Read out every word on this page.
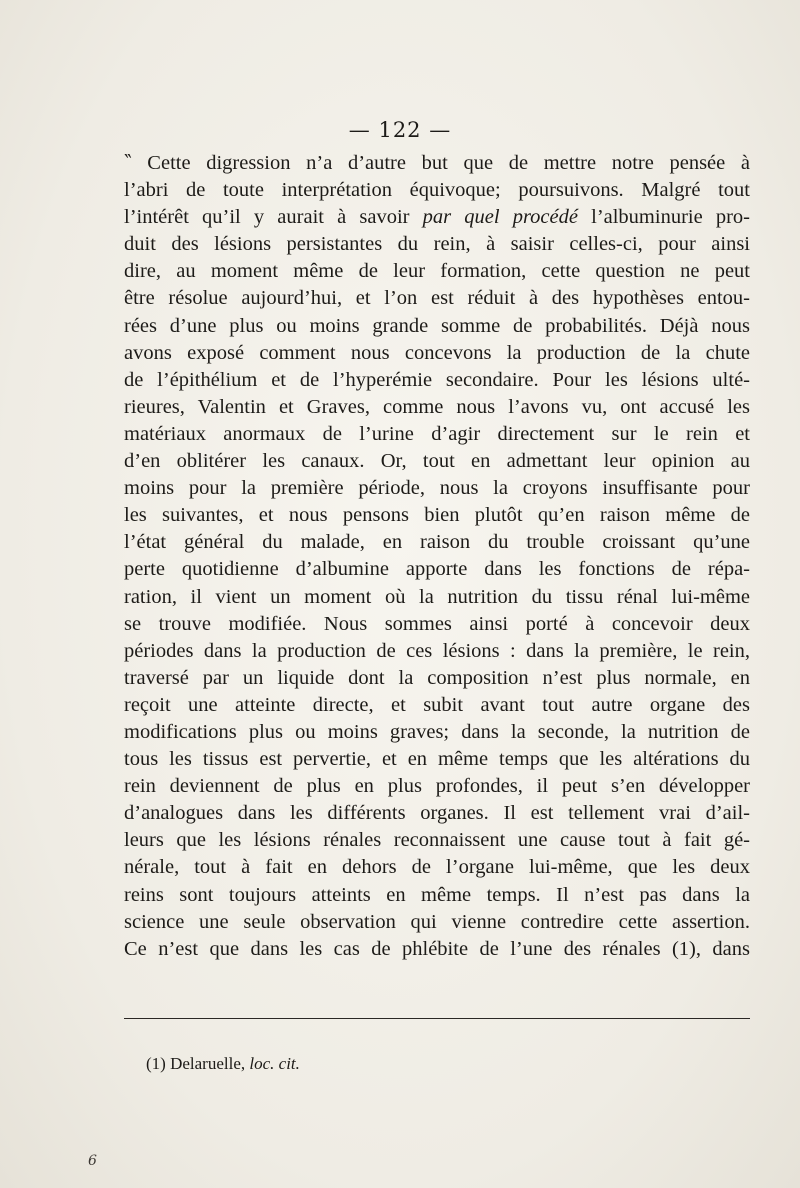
— 122 —
‶ Cette digression n’a d’autre but que de mettre notre pensée à
l’abri de toute interprétation équivoque; poursuivons. Malgré tout
l’intérêt qu’il y aurait à savoir par quel procédé l’albuminurie pro-
duit des lésions persistantes du rein, à saisir celles-ci, pour ainsi
dire, au moment même de leur formation, cette question ne peut
être résolue aujourd’hui, et l’on est réduit à des hypothèses entou-
rées d’une plus ou moins grande somme de probabilités. Déjà nous
avons exposé comment nous concevons la production de la chute
de l’épithélium et de l’hyperémie secondaire. Pour les lésions ulté-
rieures, Valentin et Graves, comme nous l’avons vu, ont accusé les
matériaux anormaux de l’urine d’agir directement sur le rein et
d’en oblitérer les canaux. Or, tout en admettant leur opinion au
moins pour la première période, nous la croyons insuffisante pour
les suivantes, et nous pensons bien plutôt qu’en raison même de
l’état général du malade, en raison du trouble croissant qu’une
perte quotidienne d’albumine apporte dans les fonctions de répa-
ration, il vient un moment où la nutrition du tissu rénal lui-même
se trouve modifiée. Nous sommes ainsi porté à concevoir deux
périodes dans la production de ces lésions : dans la première, le rein,
traversé par un liquide dont la composition n’est plus normale, en
reçoit une atteinte directe, et subit avant tout autre organe des
modifications plus ou moins graves; dans la seconde, la nutrition de
tous les tissus est pervertie, et en même temps que les altérations du
rein deviennent de plus en plus profondes, il peut s’en développer
d’analogues dans les différents organes. Il est tellement vrai d’ail-
leurs que les lésions rénales reconnaissent une cause tout à fait gé-
nérale, tout à fait en dehors de l’organe lui-même, que les deux
reins sont toujours atteints en même temps. Il n’est pas dans la
science une seule observation qui vienne contredire cette assertion.
Ce n’est que dans les cas de phlébite de l’une des rénales (1), dans
(1) Delaruelle, loc. cit.
6
